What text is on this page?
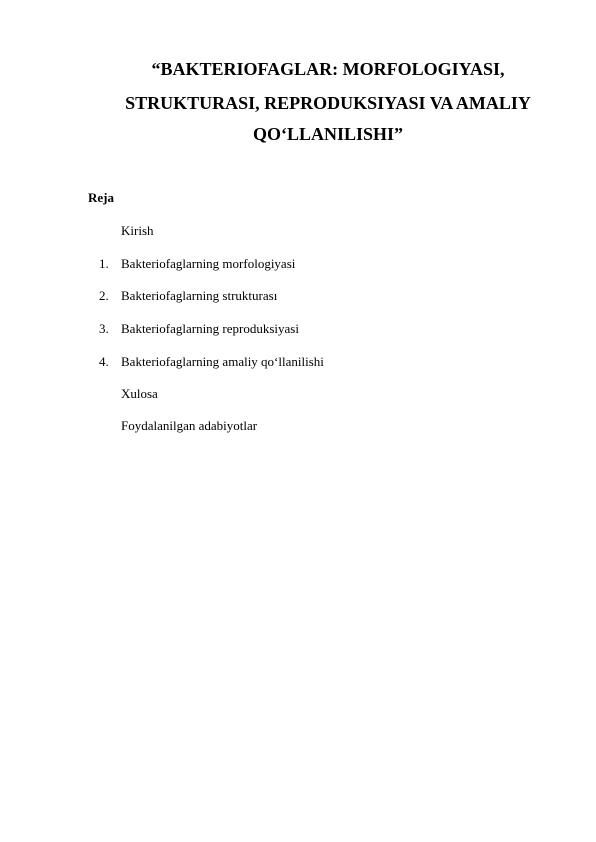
“BAKTERIOFAGLAR: MORFOLOGIYASI,
STRUKTURASI, REPRODUKSIYASI VA AMALIY
QO‘LLANILISHI”
Reja
Kirish
1. Bakteriofaglarning morfologiyasi
2. Bakteriofaglarning strukturası
3. Bakteriofaglarning reproduksiyasi
4. Bakteriofaglarning amaliy qo‘llanilishi
Xulosa
Foydalanilgan adabiyotlar
